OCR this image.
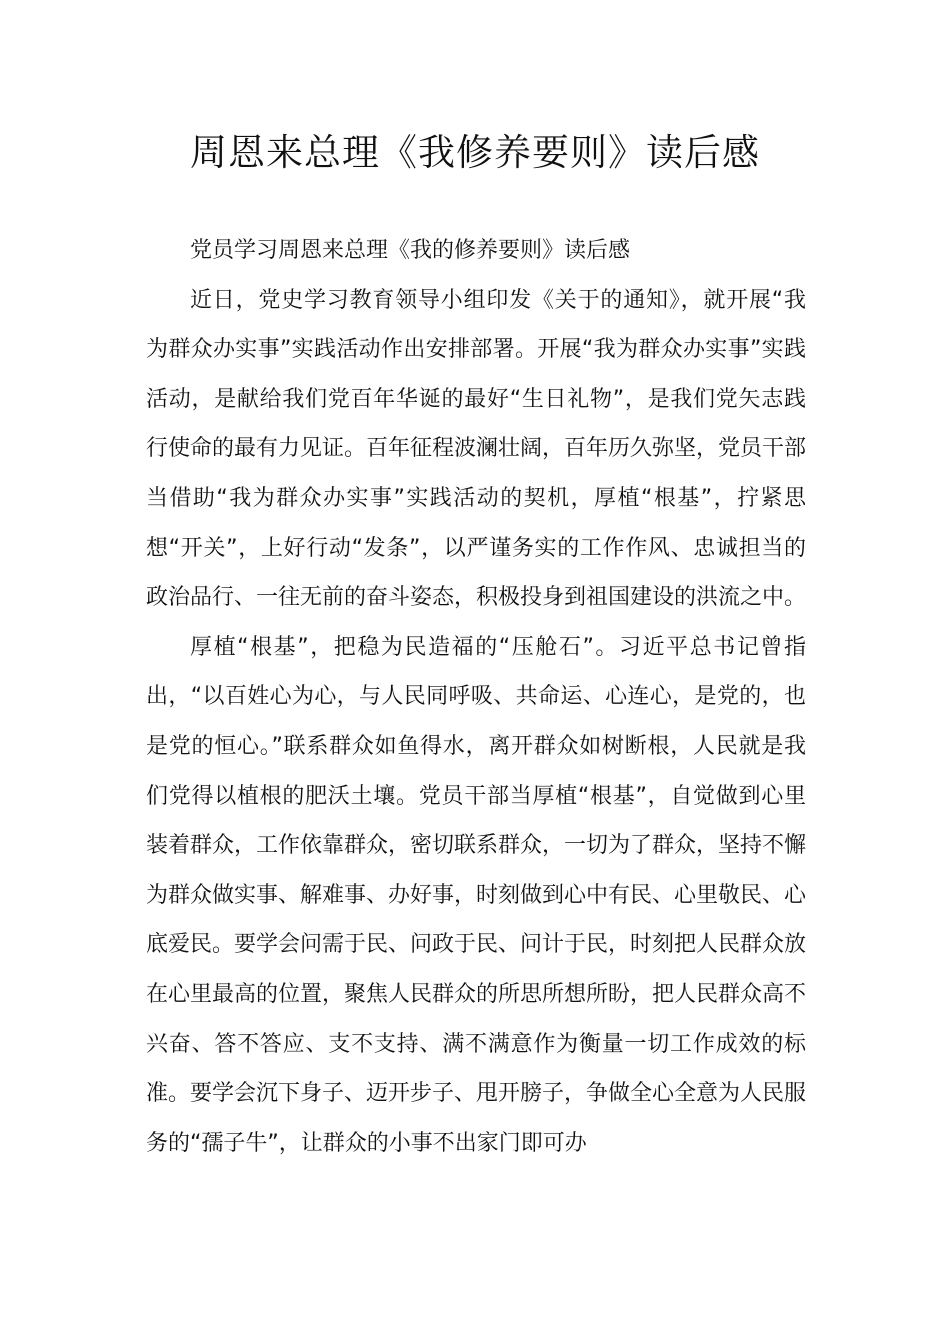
周恩来总理《我修养要则》读后感

党员学习周恩来总理《我的修养要则》读后感

近日，党史学习教育领导小组印发《关于的通知》，就开展“我为群众办实事”实践活动作出安排部署。开展“我为群众办实事”实践活动，是献给我们党百年华诞的最好“生日礼物”，是我们党矢志践行使命的最有力见证。百年征程波澜壮阔，百年历久弥坚，党员干部当借助“我为群众办实事”实践活动的契机，厚植“根基”，拧紧思想“开关”，上好行动“发条”，以严谨务实的工作作风、忠诚担当的政治品行、一往无前的奋斗姿态，积极投身到祖国建设的洪流之中。

厚植“根基”，把稳为民造福的“压舱石”。习近平总书记曾指出，“以百姓心为心，与人民同呼吸、共命运、心连心，是党的，也是党的恒心。”联系群众如鱼得水，离开群众如树断根，人民就是我们党得以植根的肥沃土壤。党员干部当厚植“根基”，自觉做到心里装着群众，工作依靠群众，密切联系群众，一切为了群众，坚持不懈为群众做实事、解难事、办好事，时刻做到心中有民、心里敬民、心底爱民。要学会问需于民、问政于民、问计于民，时刻把人民群众放在心里最高的位置，聚焦人民群众的所思所想所盼，把人民群众高不兴奋、答不答应、支不支持、满不满意作为衡量一切工作成效的标准。要学会沉下身子、迈开步子、甩开膀子，争做全心全意为人民服务的“孺子牛”，让群众的小事不出家门即可办
